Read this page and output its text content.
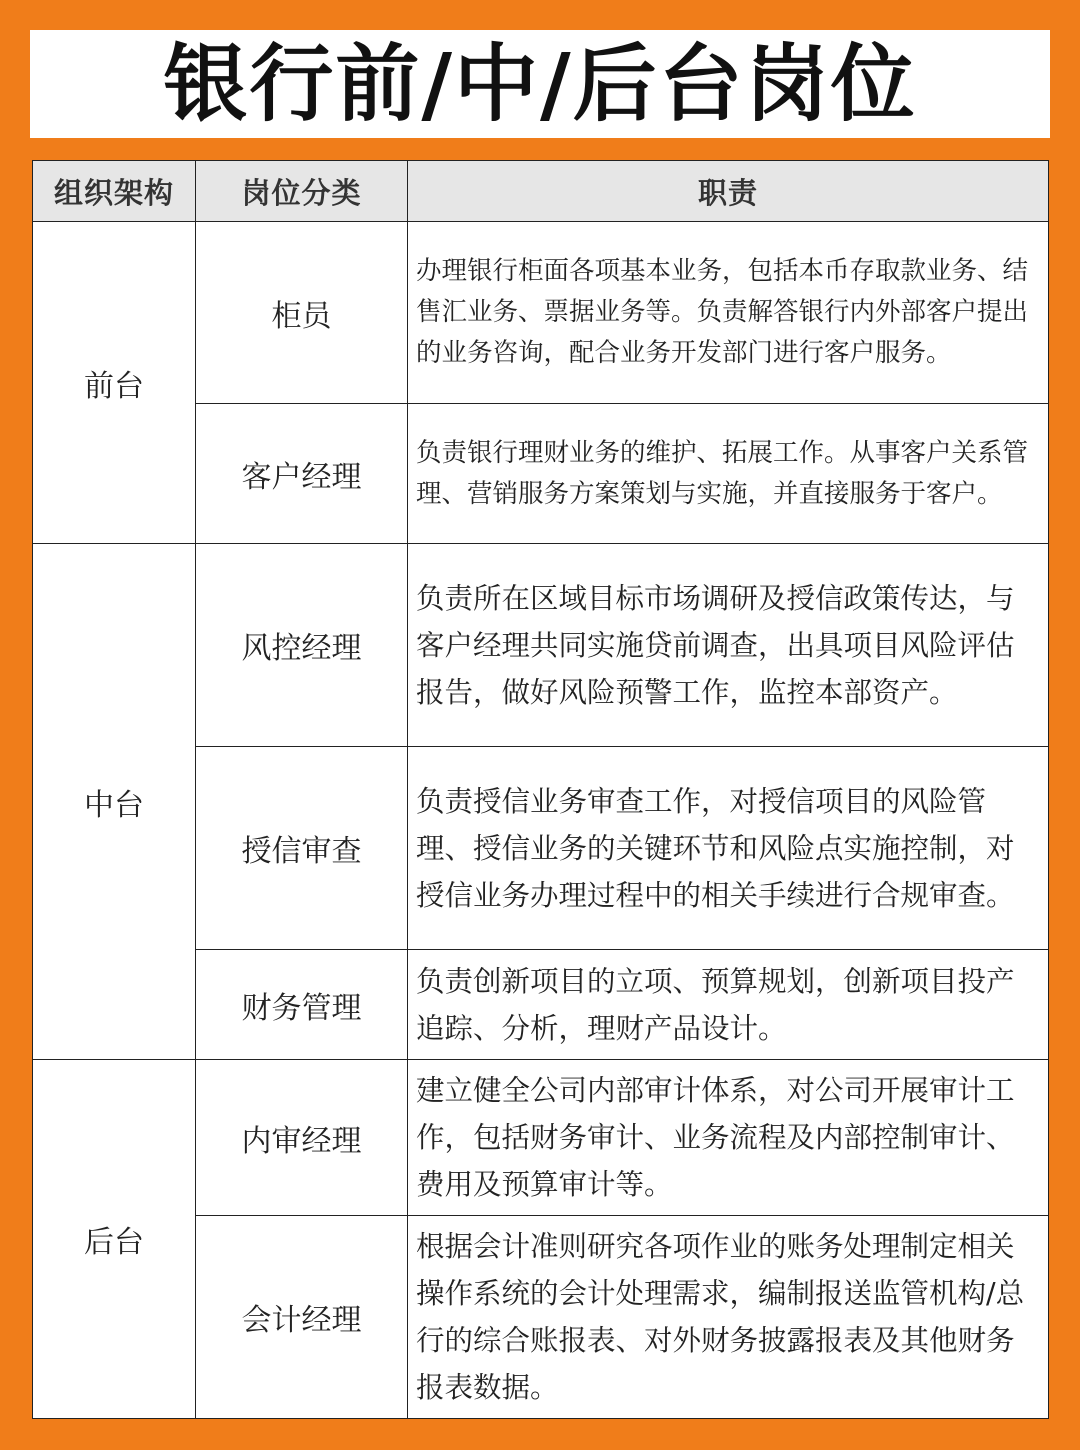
银行前/中/后台岗位
组织架构	岗位分类	职责
前台	柜员	办理银行柜面各项基本业务，包括本币存取款业务、结售汇业务、票据业务等。负责解答银行内外部客户提出的业务咨询，配合业务开发部门进行客户服务。
	客户经理	负责银行理财业务的维护、拓展工作。从事客户关系管理、营销服务方案策划与实施，并直接服务于客户。
中台	风控经理	负责所在区域目标市场调研及授信政策传达，与客户经理共同实施贷前调查，出具项目风险评估报告，做好风险预警工作，监控本部资产。
	授信审查	负责授信业务审查工作，对授信项目的风险管理、授信业务的关键环节和风险点实施控制，对授信业务办理过程中的相关手续进行合规审查。
	财务管理	负责创新项目的立项、预算规划，创新项目投产追踪、分析，理财产品设计。
后台	内审经理	建立健全公司内部审计体系，对公司开展审计工作，包括财务审计、业务流程及内部控制审计、费用及预算审计等。
	会计经理	根据会计准则研究各项作业的账务处理制定相关操作系统的会计处理需求，编制报送监管机构/总行的综合账报表、对外财务披露报表及其他财务报表数据。
